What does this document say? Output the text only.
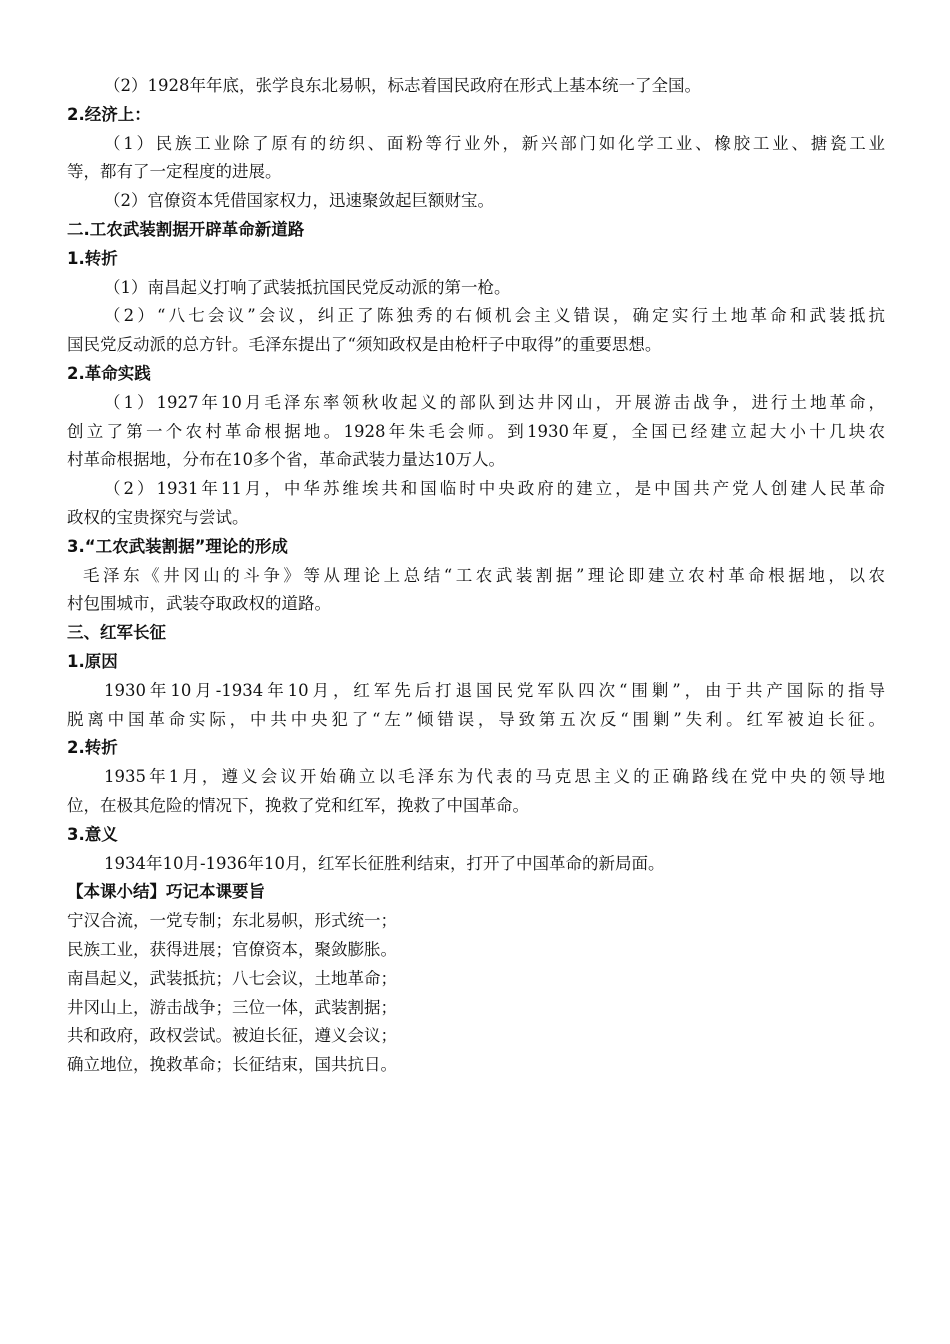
（2）1928年年底，张学良东北易帜，标志着国民政府在形式上基本统一了全国。
2.经济上：
（1）民族工业除了原有的纺织、面粉等行业外，新兴部门如化学工业、橡胶工业、搪瓷工业
等，都有了一定程度的进展。
（2）官僚资本凭借国家权力，迅速聚敛起巨额财宝。
二.工农武装割据开辟革命新道路
1.转折
（1）南昌起义打响了武装抵抗国民党反动派的第一枪。
（2）“八七会议”会议，纠正了陈独秀的右倾机会主义错误，确定实行土地革命和武装抵抗
国民党反动派的总方针。毛泽东提出了“须知政权是由枪杆子中取得”的重要思想。
2.革命实践
（1）1927年10月毛泽东率领秋收起义的部队到达井冈山，开展游击战争，进行土地革命，
创立了第一个农村革命根据地。1928年朱毛会师。到1930年夏，全国已经建立起大小十几块农
村革命根据地，分布在10多个省，革命武装力量达10万人。
（2）1931年11月，中华苏维埃共和国临时中央政府的建立，是中国共产党人创建人民革命
政权的宝贵探究与尝试。
3.“工农武装割据”理论的形成
毛泽东《井冈山的斗争》等从理论上总结“工农武装割据”理论即建立农村革命根据地，以农
村包围城市，武装夺取政权的道路。
三、红军长征
1.原因
1930年10月-1934年10月，红军先后打退国民党军队四次“围剿”，由于共产国际的指导
脱离中国革命实际，中共中央犯了“左”倾错误，导致第五次反“围剿”失利。红军被迫长征。
2.转折
1935年1月，遵义会议开始确立以毛泽东为代表的马克思主义的正确路线在党中央的领导地
位，在极其危险的情况下，挽救了党和红军，挽救了中国革命。
3.意义
1934年10月-1936年10月，红军长征胜利结束，打开了中国革命的新局面。
【本课小结】巧记本课要旨
宁汉合流，一党专制；东北易帜，形式统一；
民族工业，获得进展；官僚资本，聚敛膨胀。
南昌起义，武装抵抗；八七会议，土地革命；
井冈山上，游击战争；三位一体，武装割据；
共和政府，政权尝试。被迫长征，遵义会议；
确立地位，挽救革命；长征结束，国共抗日。
